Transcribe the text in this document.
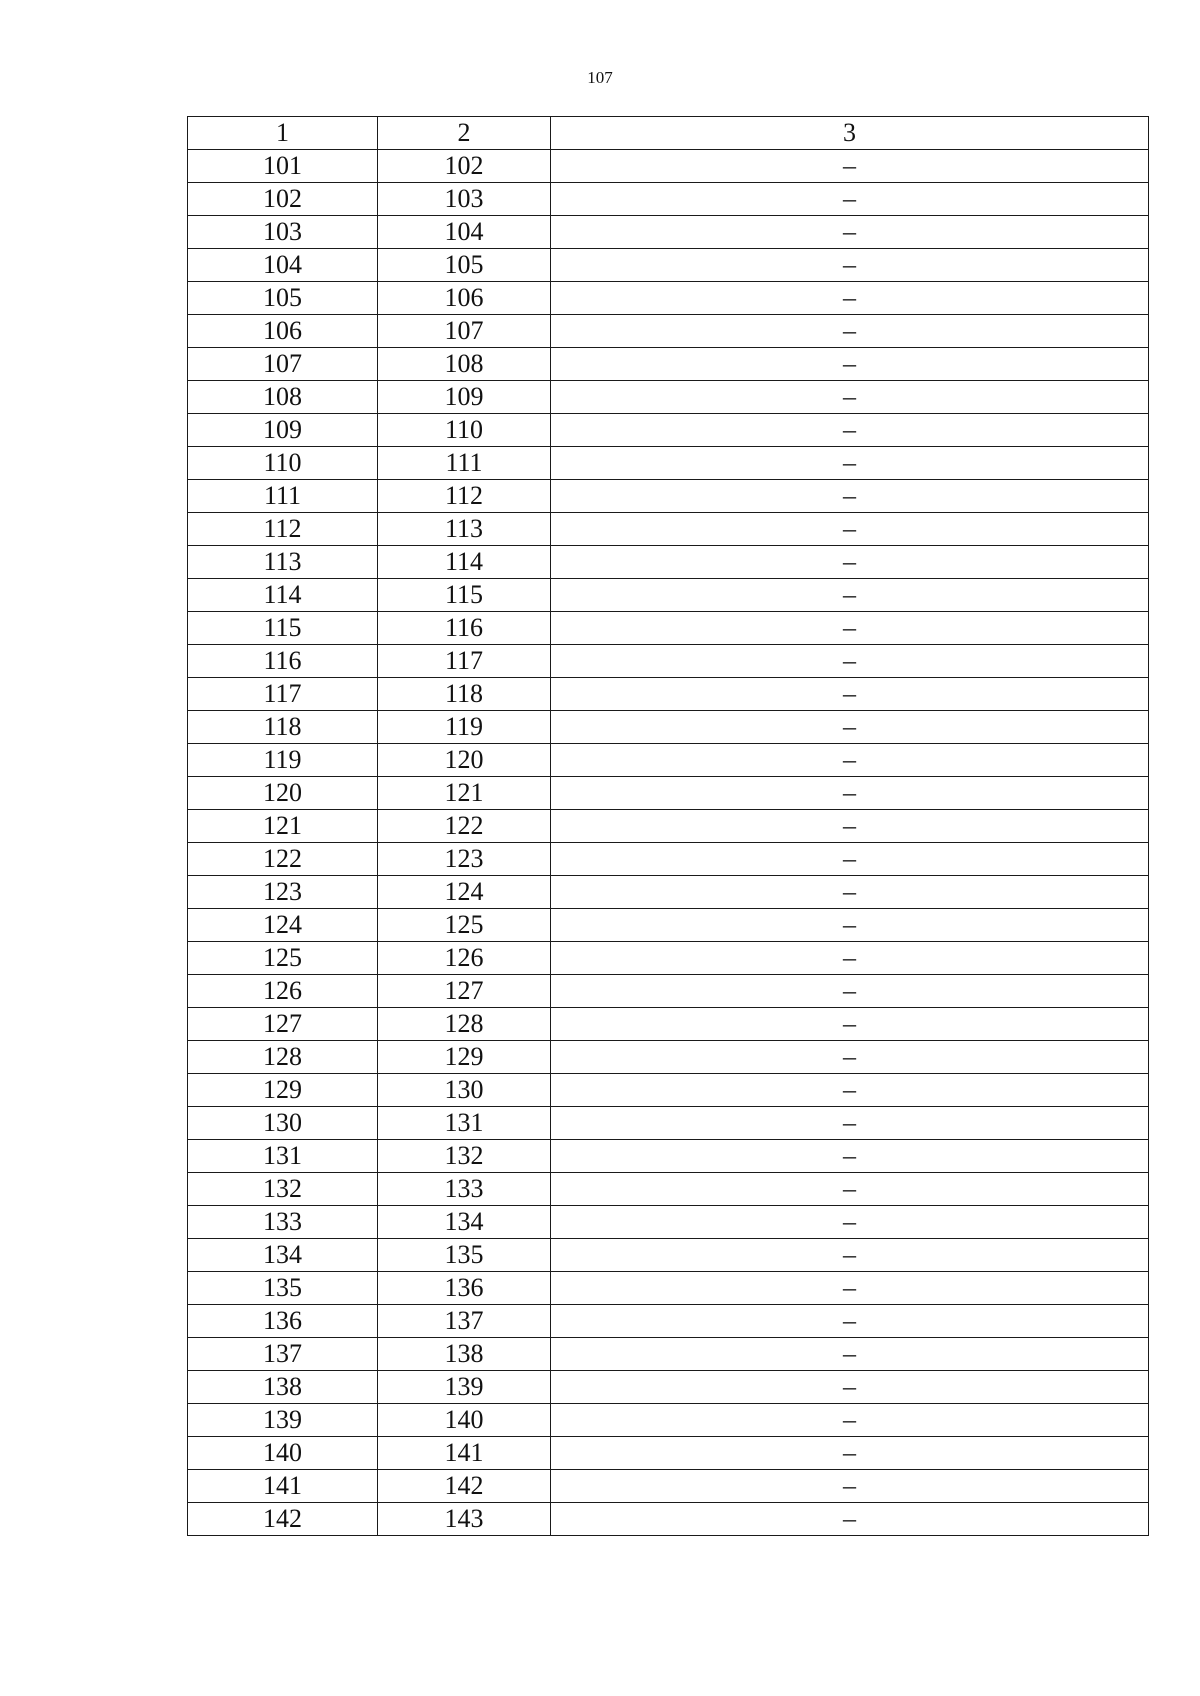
107
1	2	3
101	102	–
102	103	–
103	104	–
104	105	–
105	106	–
106	107	–
107	108	–
108	109	–
109	110	–
110	111	–
111	112	–
112	113	–
113	114	–
114	115	–
115	116	–
116	117	–
117	118	–
118	119	–
119	120	–
120	121	–
121	122	–
122	123	–
123	124	–
124	125	–
125	126	–
126	127	–
127	128	–
128	129	–
129	130	–
130	131	–
131	132	–
132	133	–
133	134	–
134	135	–
135	136	–
136	137	–
137	138	–
138	139	–
139	140	–
140	141	–
141	142	–
142	143	–
